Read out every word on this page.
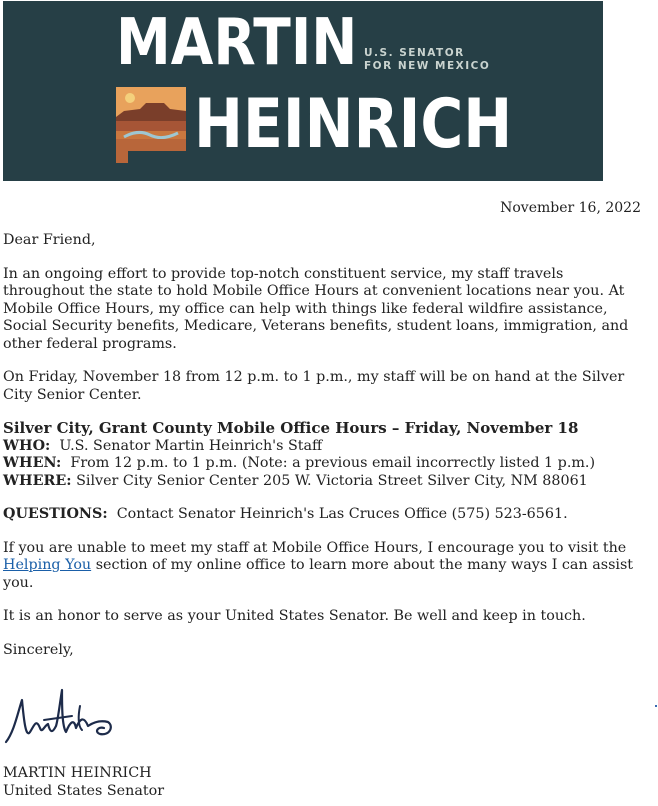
MARTIN U.S. SENATOR
FOR NEW MEXICO
HEINRICH
November 16, 2022

Dear Friend,

In an ongoing effort to provide top-notch constituent service, my staff travels throughout the state to hold Mobile Office Hours at convenient locations near you. At Mobile Office Hours, my office can help with things like federal wildfire assistance, Social Security benefits, Medicare, Veterans benefits, student loans, immigration, and other federal programs.

On Friday, November 18 from 12 p.m. to 1 p.m., my staff will be on hand at the Silver City Senior Center.

Silver City, Grant County Mobile Office Hours – Friday, November 18

WHO: U.S. Senator Martin Heinrich's Staff

WHEN: From 12 p.m. to 1 p.m. (Note: a previous email incorrectly listed 1 p.m.)

WHERE: Silver City Senior Center 205 W. Victoria Street Silver City, NM 88061

QUESTIONS: Contact Senator Heinrich's Las Cruces Office (575) 523-6561.

If you are unable to meet my staff at Mobile Office Hours, I encourage you to visit the
Helping You section of my online office to learn more about the many ways I can assist you.

It is an honor to serve as your United States Senator. Be well and keep in touch.

Sincerely,

MARTIN HEINRICH
United States Senator
